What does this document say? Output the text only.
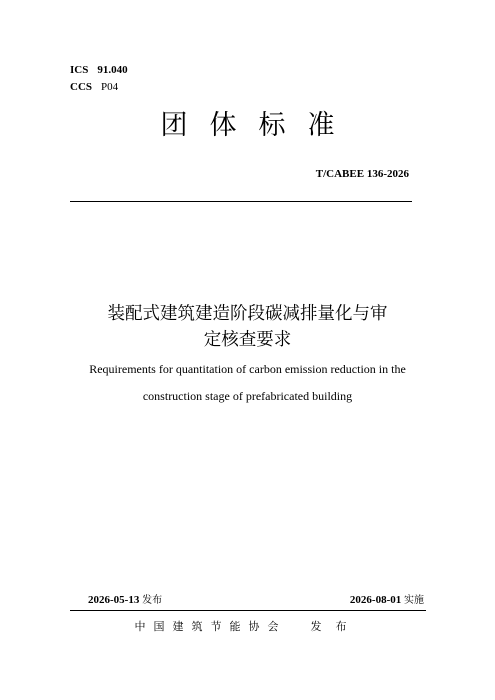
ICS 91.040
CCS P04
团体标准
T/CABEE 136-2026
装配式建筑建造阶段碳减排量化与审
定核查要求
Requirements for quantitation of carbon emission reduction in the
construction stage of prefabricated building
2026-05-13 发布	2026-08-01 实施
中国建筑节能协会 发布
